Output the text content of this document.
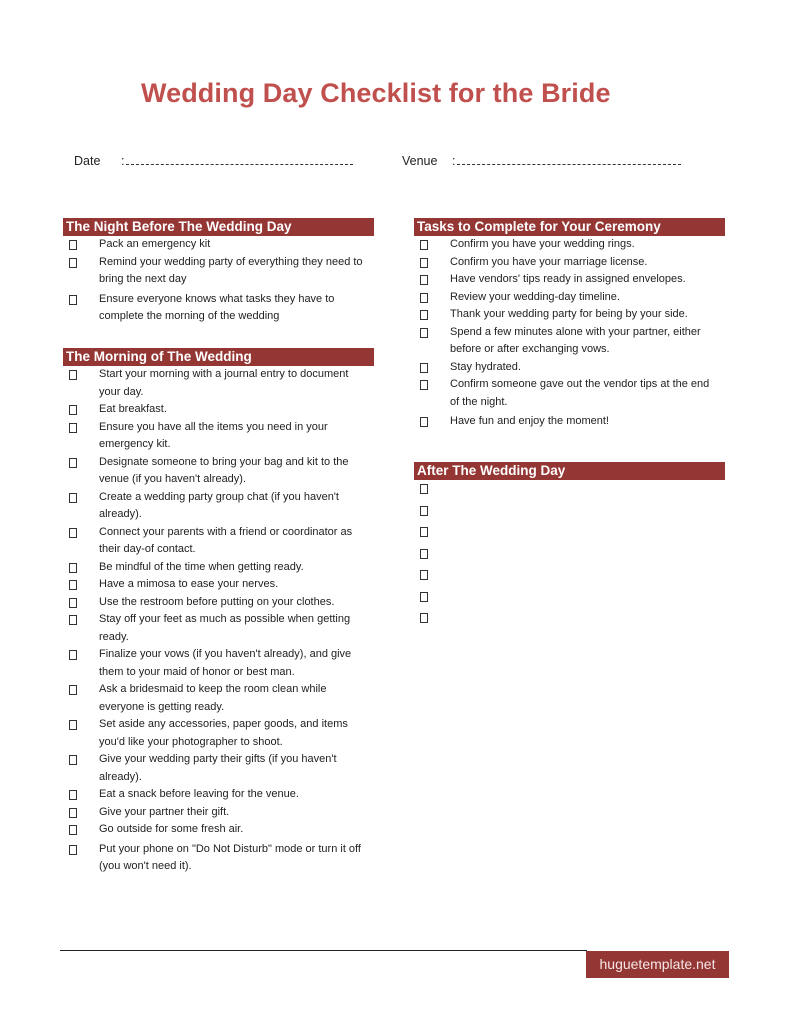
Wedding Day Checklist for the Bride
Date :	Venue :
The Night Before The Wedding Day
Pack an emergency kit
Remind your wedding party of everything they need to bring the next day
Ensure everyone knows what tasks they have to complete the morning of the wedding
The Morning of The Wedding
Start your morning with a journal entry to document your day.
Eat breakfast.
Ensure you have all the items you need in your emergency kit.
Designate someone to bring your bag and kit to the venue (if you haven't already).
Create a wedding party group chat (if you haven't already).
Connect your parents with a friend or coordinator as their day-of contact.
Be mindful of the time when getting ready.
Have a mimosa to ease your nerves.
Use the restroom before putting on your clothes.
Stay off your feet as much as possible when getting ready.
Finalize your vows (if you haven't already), and give them to your maid of honor or best man.
Ask a bridesmaid to keep the room clean while everyone is getting ready.
Set aside any accessories, paper goods, and items you'd like your photographer to shoot.
Give your wedding party their gifts (if you haven't already).
Eat a snack before leaving for the venue.
Give your partner their gift.
Go outside for some fresh air.
Put your phone on "Do Not Disturb" mode or turn it off (you won't need it).
Tasks to Complete for Your Ceremony
Confirm you have your wedding rings.
Confirm you have your marriage license.
Have vendors' tips ready in assigned envelopes.
Review your wedding-day timeline.
Thank your wedding party for being by your side.
Spend a few minutes alone with your partner, either before or after exchanging vows.
Stay hydrated.
Confirm someone gave out the vendor tips at the end of the night.
Have fun and enjoy the moment!
After The Wedding Day
huguetemplate.net
